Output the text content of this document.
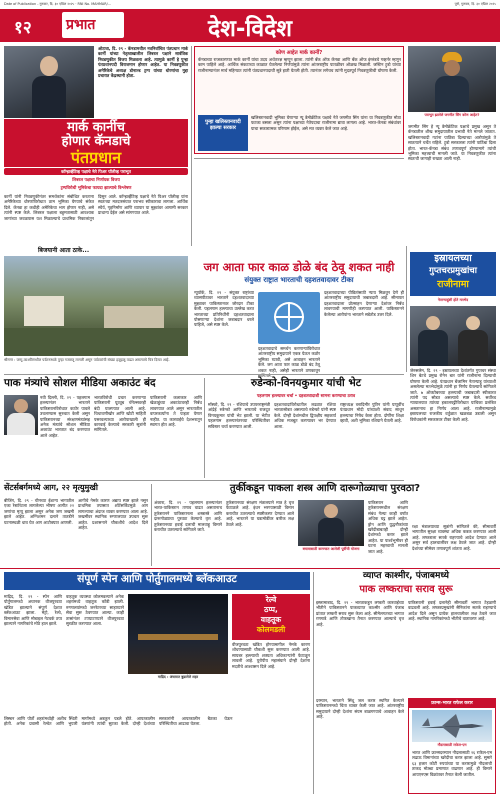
Date of Publication - गुरुवार, दि. ३० एप्रिल २०२५ · RNI No. MAHMAR/...	पुणे, गुरुवार, दि. ३० एप्रिल २०२५
१२	प्रभात	देश-विदेश
ओटावा, दि. २९ - कॅनडामधील नवनिर्वाचित पंतप्रधान मार्क कार्नी यांच्या नेतृत्वाखालील लिबरल पक्षाने सार्वत्रिक निवडणुकीत विजय मिळवला आहे. त्यामुळे कार्नी हे पुन्हा पंतप्रधानपदी विराजमान होणार आहेत. या निवडणुकीत अमेरिकेचे अध्यक्ष डोनाल्ड ट्रम्प यांच्या धोरणांचा मुद्दा प्रचारात केंद्रस्थानी होता.
मार्क कार्नीच
होणार कॅनडाचे
पंतप्रधान
कॉन्झर्व्हेटिव्ह पक्षाचे नेते पिअर पॉलीव्ह पराभूत
लिबरल पक्षाचा निर्णायक विजय
ट्रम्पविरोधी भूमिकेचा फायदा झाल्याचे विश्लेषण
कार्नी यांनी निवडणुकीनंतर समर्थकांना संबोधित करताना अमेरिकेच्या धोरणांविरोधात ठाम भूमिका घेण्याचे संकेत दिले. कॅनडा हा कधीही अमेरिकेचा भाग होणार नाही, असे त्यांनी स्पष्ट केले. लिबरल पक्षाला बहुमतासाठी आवश्यक जागांच्या जवळपास यश मिळाल्याचे प्राथमिक निकालांतून दिसून आले. कॉन्झर्व्हेटिव्ह पक्षाचे नेते पिअर पॉलीव्ह यांना स्वतःच्या मतदारसंघात पराभव स्वीकारावा लागला. आर्थिक स्थैर्य, गृहनिर्माण आणि व्यापार या मुद्द्यांवर आगामी सरकार प्राधान्य देईल असे सांगण्यात आले.
कोण आहेत मार्क कार्नी?
कॅनडाच्या राजकारणात मार्क कार्नी यांचा उदय अर्थतज्ज्ञ म्हणून झाला. त्यांनी बँक ऑफ कॅनडा आणि बँक ऑफ इंग्लंडचे गव्हर्नर म्हणून काम पाहिले आहे. आर्थिक संकटाच्या काळात घेतलेल्या निर्णयांमुळे त्यांना आंतरराष्ट्रीय पातळीवर ओळख मिळाली. जस्टिन ट्रुडो यांच्या राजीनाम्यानंतर मार्च महिन्यात त्यांनी पंतप्रधानपदाची सूत्रे हाती घेतली होती. त्यानंतर लगेचच त्यांनी मुदतपूर्व निवडणुकीची घोषणा केली.
पुन्हा खलिस्तानवादी झाल्या सरकार
खलिस्तानवादी भूमिका घेणाऱ्या न्यू डेमोक्रॅटिक पक्षाचे नेते जगमीत सिंग यांना या निवडणुकीत मोठा फटका बसला असून त्यांना पक्षाच्या नेतेपदाचा राजीनामा द्यावा लागला आहे. भारत-कॅनडा संबंधांवर याचा सकारात्मक परिणाम होईल, असे मत व्यक्त केले जात आहे.
पराभूत झालेले जगमीत सिंग कोण आहेत?
जगमीत सिंग हे न्यू डेमोक्रॅटिक पक्षाचे प्रमुख असून ते कॅनडातील शीख समुदायातील प्रभावी नेते मानले जातात. खलिस्तानवादी गटांना पाठिंबा दिल्याच्या आरोपांमुळे ते सातत्याने चर्चेत राहिले. ट्रुडो सरकारला त्यांनी पाठिंबा दिला होता. भारत-कॅनडा संबंध तणावपूर्ण होण्यामागे त्यांची भूमिका महत्त्वाची मानली जाते. या निवडणुकीत त्यांना स्वतःची जागाही राखता आली नाही.
बिजयानी आता ठाके...
श्रीनगर : जम्मू-काश्मीरमधील पर्यटनस्थळे पुन्हा गजबजू लागली असून पर्यटकांची संख्या हळूहळू वाढत असल्याचे चित्र दिसत आहे.
जग आता फार काळ डोळे बंद ठेवू शकत नाही
संयुक्त राष्ट्रात भारताची दहशतवादावर टीका
न्यूयॉर्क, दि. २९ - संयुक्त राष्ट्रांच्या व्यासपीठावर भारताने दहशतवादाच्या मुद्द्यावर पाकिस्तानवर जोरदार टीका केली. पहलगाम हल्ल्याचा उल्लेख करत भारताच्या प्रतिनिधींनी दहशतवादाला पोसणाऱ्या देशांना जबाबदार धरले पाहिजे, असे स्पष्ट केले.
दहशतवादाचे समर्थन करणाऱ्यांविरोधात आंतरराष्ट्रीय समुदायाने एकत्र येऊन कठोर भूमिका घ्यावी, असे आवाहन भारताने केले. जग आता फार काळ डोळे बंद ठेवू शकत नाही, असेही भारताने ठणकावून सांगितले.
दहशतवादाच्या पीडितांसाठी न्याय मिळवून देणे ही आंतरराष्ट्रीय समुदायाची जबाबदारी आहे. सीमापार दहशतवादाला प्रोत्साहन देणाऱ्या देशांवर निर्बंध लावण्याची मागणीही करण्यात आली. पाकिस्तानने केलेल्या आरोपांना भारताने सडेतोड उत्तर दिले.
इस्रायलच्या
गुप्तचरप्रमुखांचा
राजीनामा
नेतान्याहूंशी होते मतभेद
जेरुसलेम, दि. २९ - इस्रायलच्या देशांतर्गत गुप्तचर संस्था शिन बेटचे प्रमुख रोनेन बार यांनी राजीनामा दिल्याची घोषणा केली आहे. पंतप्रधान बेंजामिन नेतान्याहू यांच्याशी असलेल्या मतभेदांमुळे त्यांनी हा निर्णय घेतल्याचे सांगितले जाते. ७ ऑक्टोबरच्या हल्ल्याची जबाबदारी स्वीकारत त्यांनी पद सोडत असल्याचे स्पष्ट केले. सर्वोच्च न्यायालयात त्यांच्या हकालपट्टीविरोधात याचिका प्रलंबित असतानाच हा निर्णय आला आहे. राजीनाम्यामुळे इस्रायलच्या राजकीय वर्तुळात खळबळ उडाली असून विरोधकांनी सरकारवर टीका केली आहे.
पाक मंत्र्यांचे सोशल मीडिया अकाउंट बंद
नवी दिल्ली, दि. २९ - पहलगाम हल्ल्यानंतर भारताने पाकिस्तानविरोधात कठोर पावले उचलण्यास सुरुवात केली असून पाकिस्तानच्या संरक्षणमंत्र्यांसह अनेक मंत्र्यांचे सोशल मीडिया अकाउंट भारतात बंद करण्यात आले आहेत.
भारतविरोधी प्रचार करणाऱ्या पाकिस्तानी यूट्यूब चॅनेल्सवरही बंदी घालण्यात आली आहे. चिथावणीखोर आणि खोटी माहिती पसरवल्याच्या आरोपाखाली ही कारवाई केल्याचे सरकारी सूत्रांनी सांगितले.
पाकिस्तानी कलाकार आणि खेळाडूंच्या अकाउंटवरही निर्बंध लावण्यात आले असून भारतातील वापरकर्त्यांना ते पाहता येणार नाहीत. या कारवाईचे देशभरातून स्वागत होत आहे.
रुडेन्को-विनयकुमार यांची भेट
पहलगाम हल्ल्यावर चर्चा • दहशतवादाशी सामना करण्याचा ठराव
मॉस्को, दि. २९ - रशियाचे उपपरराष्ट्रमंत्री आंद्रेई रुडेन्को आणि भारताचे राजदूत विनयकुमार यांची भेट झाली. या भेटीत पहलगाम हल्ल्यानंतरच्या परिस्थितीवर सविस्तर चर्चा करण्यात आली.
दहशतवादाविरोधातील लढ्यात रशिया भारतासोबत असल्याचे रुडेन्को यांनी स्पष्ट केले. दोन्ही देशांमधील द्विपक्षीय सहकार्य अधिक मजबूत करण्यावर भर देण्यात आला.
राष्ट्राध्यक्ष व्लादिमीर पुतिन यांनी यापूर्वीच पंतप्रधान मोदी यांच्याशी संवाद साधून हल्ल्याचा निषेध केला होता. दोषींना शिक्षा व्हावी, अशी भूमिका रशियाने घेतली आहे.
सेंटर्सबर्गमध्ये आग, २२ मृत्युमुखी
बीजिंग, दि. २९ - चीनच्या ईशान्य भागातील एका रेस्टॉरंटला लागलेल्या भीषण आगीत २२ जणांचा मृत्यू झाला असून अनेक जण जखमी झाले आहेत. अग्निशमन दलाने तातडीने घटनास्थळी धाव घेत आग आटोक्यात आणली.
आगीचे नेमके कारण अद्याप स्पष्ट झाले नसून प्राथमिक तपासात शॉर्टसर्किटमुळे आग लागल्याचा अंदाज व्यक्त करण्यात आला आहे. जखमींवर स्थानिक रुग्णालयात उपचार सुरू आहेत. प्रशासनाने चौकशीचे आदेश दिले आहेत.
तुर्कीकडून पाकला शस्त्र आणि दारूगोळ्याचा पुरवठा?
अंकारा, दि. २९ - पहलगाम हल्ल्यानंतर भारत-पाकिस्तान तणाव वाढत असतानाच तुर्कस्तानने पाकिस्तानला शस्त्रास्त्रे आणि दारूगोळ्याचा पुरवठा केल्याचे वृत्त आहे. तुर्कस्तानच्या हवाई दलाची मालवाहू विमाने कराचीत उतरल्याचे सांगितले जाते.
तुर्कस्तानच्या संरक्षण मंत्रालयाने मात्र हे वृत्त फेटाळले आहे. इंधन भरण्यासाठी विमान कराचीत उतरल्याचे स्पष्टीकरण देण्यात आले आहे. भारताने या घडामोडींवर बारीक लक्ष ठेवले आहे.
बचावासाठी करण्यात आलेली पूर्वीची योजना
पाकिस्तान आणि तुर्कस्तानमधील संरक्षण संबंध गेल्या काही वर्षांत अधिक घट्ट झाले आहेत. ड्रोन आणि युद्धनौकांच्या खरेदीबाबतही दोन्ही देशांमध्ये करार झाले आहेत. या पार्श्वभूमीवर ही घटना महत्त्वाची मानली जात आहे.
रक्षा मंत्रालयाच्या सूत्रांनी सांगितले की, सीमावर्ती भागातील सुरक्षा व्यवस्था अधिक कडक करण्यात आली आहे. लष्कराला सतर्क राहण्याचे आदेश देण्यात आले असून सर्व हालचालींवर लक्ष ठेवले जात आहे. दोन्ही देशांच्या सीमेवर तणावपूर्ण शांतता आहे.
संपूर्ण स्पेन आणि पोर्तुगालमध्ये ब्लॅकआउट
माद्रिद, दि. २९ - स्पेन आणि पोर्तुगालमध्ये अचानक वीजपुरवठा खंडित झाल्याने संपूर्ण देशात ब्लॅकआउट झाला. मेट्रो, रेल्वे, विमानसेवा आणि मोबाइल नेटवर्क ठप्प झाल्याने नागरिकांचे मोठे हाल झाले.
वाहतूक व्यवस्था कोलमडल्याने अनेक शहरांमध्ये वाहतूक कोंडी झाली. रुग्णालयांमध्ये जनरेटरच्या साहाय्याने सेवा सुरू ठेवण्यात आल्या. काही तासांनंतर टप्प्याटप्प्याने वीजपुरवठा सुरळीत करण्यात आला.
माद्रिद : अंधारात बुडालेले शहर
रेल्वे
ठप्प,
वाहतूक
कोलमडली
वीजपुरवठा खंडित होण्यामागील नेमके कारण शोधण्यासाठी चौकशी सुरू करण्यात आली आहे. सायबर हल्ल्याची शक्यता अधिकाऱ्यांनी फेटाळून लावली आहे. युरोपीय महासंघाने दोन्ही देशांना मदतीचे आश्वासन दिले आहे.
लिस्बन आणि पोर्तो शहरांमध्येही अशीच स्थिती होती. अनेक प्रवासी रेल्वेत आणि भुयारी मार्गांमध्ये अडकून पडले होते. आपत्कालीन यंत्रणांनी त्यांची सुटका केली. दोन्ही देशांच्या सरकारांनी आपत्कालीन बैठका घेऊन परिस्थितीचा आढावा घेतला.
व्याप्त काश्मीर, पंजाबमध्ये
पाक लष्कराचा सराव सुरू
इस्लामाबाद, दि. २९ - भारताकडून लष्करी कारवाईच्या भीतीने पाकिस्तानने पाकव्याप्त काश्मीर आणि पंजाब प्रांतात लष्करी सराव सुरू केला आहे. सीमेलगतच्या भागात रणगाडे आणि तोफखाना तैनात करण्यात आल्याचे वृत्त आहे.
पाकिस्तानी हवाई दलानेही सीमावर्ती भागात टेहळणी वाढवली आहे. लष्करप्रमुखांनी सैनिकांना सतर्क राहण्याचे आदेश दिले असून प्रत्येक हालचालीवर लक्ष ठेवले जात आहे. स्थानिक नागरिकांमध्ये भीतीचे वातावरण आहे.
दरम्यान, भारताने सिंधू जल करार स्थगित केल्याने पाकिस्तानमध्ये चिंता व्यक्त केली जात आहे. आंतरराष्ट्रीय समुदायाने दोन्ही देशांना संयम बाळगण्याचे आवाहन केले आहे.
फ्रान्स-भारत राफेल करार
नौदलासाठी राफेल-एम
भारत आणि फ्रान्सदरम्यान नौदलासाठी २६ राफेल-एम लढाऊ विमानांच्या खरेदीचा करार झाला आहे. सुमारे ६३ हजार कोटी रुपयांच्या या करारामुळे नौदलाची ताकद मोठ्या प्रमाणात वाढणार आहे. ही विमाने आयएनएस विक्रांतवर तैनात केली जातील.
